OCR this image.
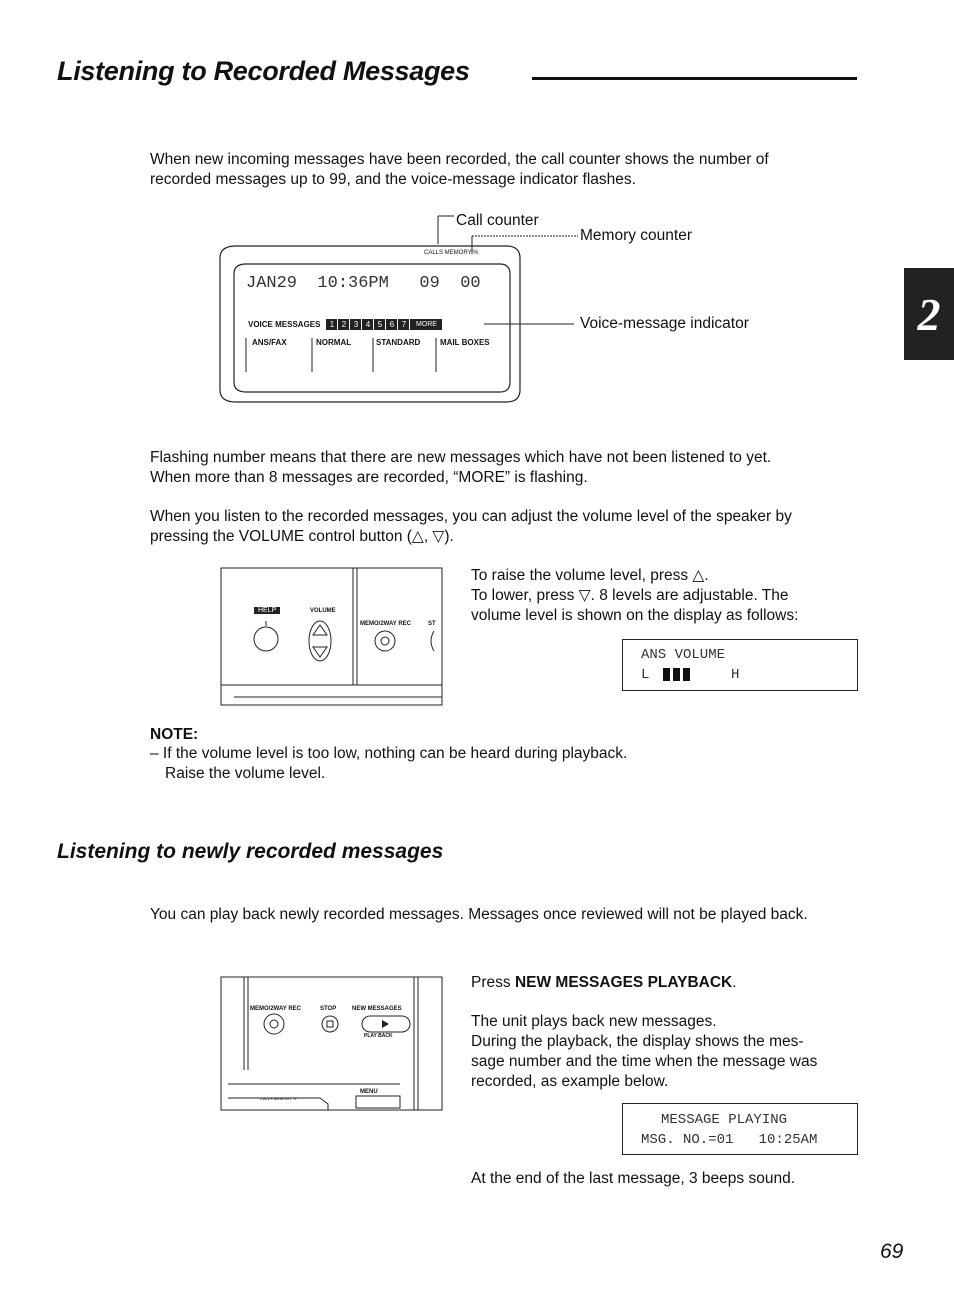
Listening to Recorded Messages
2
When new incoming messages have been recorded, the call counter shows the number of
recorded messages up to 99, and the voice-message indicator flashes.
Call counter
Memory counter
CALLS MEMORY %
JAN29  10:36PM   09  00
VOICE MESSAGES	1 2 3 4 5 6 7	MORE	Voice-message indicator
ANS/FAX	NORMAL	STANDARD MAIL BOXES
Flashing number means that there are new messages which have not been listened to yet.
When more than 8 messages are recorded, “MORE” is flashing.
When you listen to the recorded messages, you can adjust the volume level of the speaker by
pressing the VOLUME control button (△, ▽).
HELP	VOLUME
MEMO/2WAY REC	ST
To raise the volume level, press △.
To lower, press ▽. 8 levels are adjustable. The
volume level is shown on the display as follows:
ANS VOLUME
L	H
NOTE:
– If the volume level is too low, nothing can be heard during playback.
Raise the volume level.
Listening to newly recorded messages
You can play back newly recorded messages. Messages once reviewed will not be played back.
MEMO/2WAY REC	STOP	NEW MESSAGES
PLAY BACK
MENU
CALLS MEMORY %
Press NEW MESSAGES PLAYBACK.
The unit plays back new messages.
During the playback, the display shows the mes-
sage number and the time when the message was
recorded, as example below.
MESSAGE PLAYING
MSG. NO.=01   10:25AM
At the end of the last message, 3 beeps sound.
69
